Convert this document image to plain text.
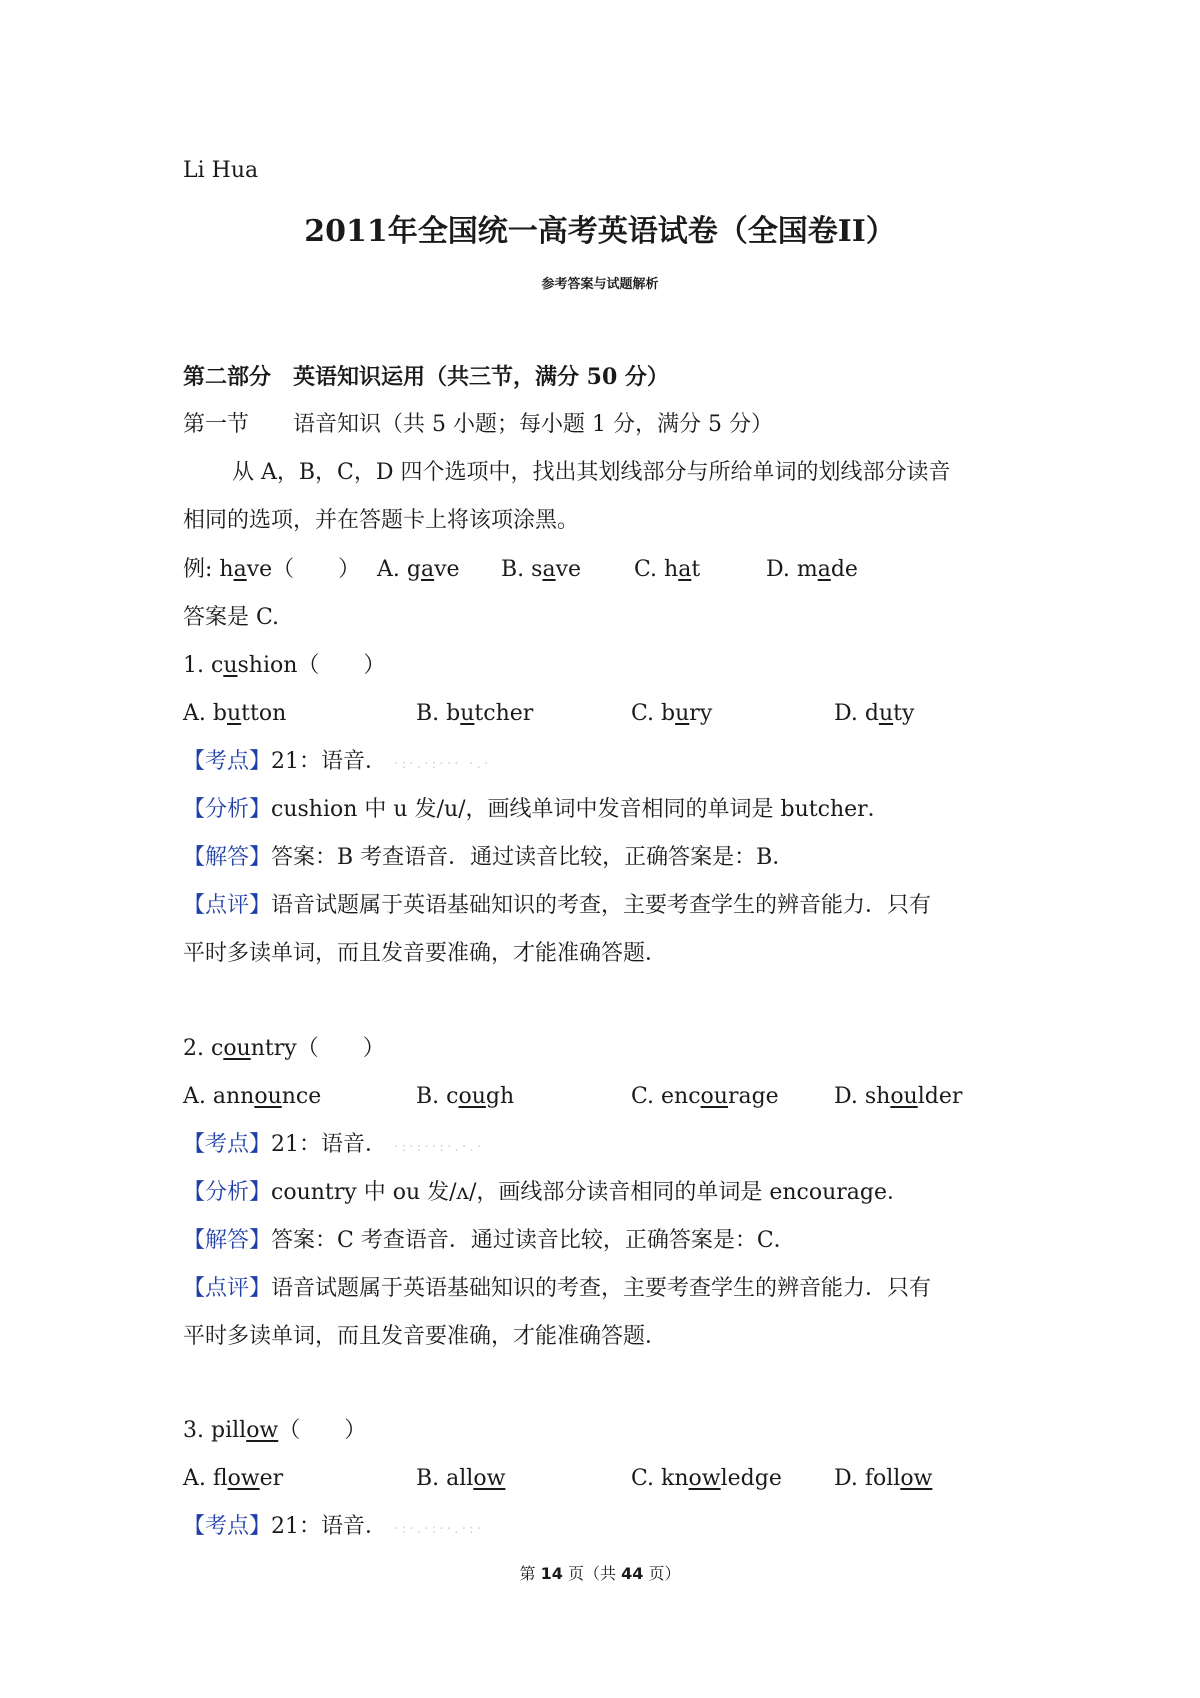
Li Hua
2011年全国统一高考英语试卷（全国卷II）
参考答案与试题解析
第二部分　英语知识运用（共三节，满分 50 分）
第一节　　语音知识（共 5 小题；每小题 1 分，满分 5 分）
从 A，B，C，D 四个选项中，找出其划线部分与所给单词的划线部分读音
相同的选项，并在答题卡上将该项涂黑。
例: have（　　） A. gave B. save C. hat	D. made
答案是 C.
1. cushion（　　）
A. button	B. butcher	C. bury	D. duty
【考点】21：语音． ·:·.·:··· ·.·
【分析】cushion 中 u 发/u/，画线单词中发音相同的单词是 butcher．
【解答】答案：B 考查语音．通过读音比较，正确答案是：B．
【点评】语音试题属于英语基础知识的考查，主要考查学生的辨音能力．只有
平时多读单词，而且发音要准确，才能准确答题．
2. country（　　）
A. announce	B. cough	C. encourage	D. shoulder
【考点】21：语音． ·:·:··:·.·.·
【分析】country 中 ou 发/ʌ/，画线部分读音相同的单词是 encourage．
【解答】答案：C 考查语音．通过读音比较，正确答案是：C．
【点评】语音试题属于英语基础知识的考查，主要考查学生的辨音能力．只有
平时多读单词，而且发音要准确，才能准确答题．
3. pillow（　　）
A. flower	B. allow	C. knowledge D. follow
【考点】21：语音． ·:·.·:··.·:·
第 14 页（共 44 页）
